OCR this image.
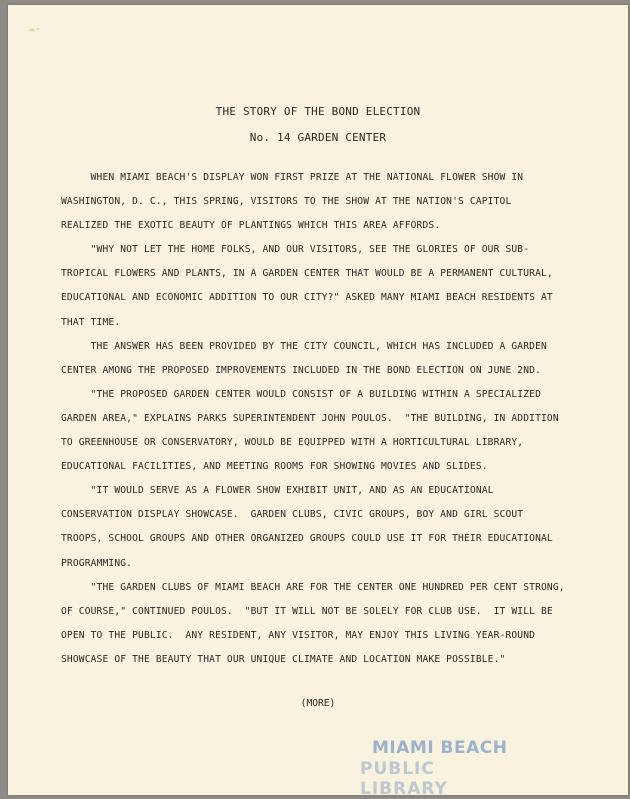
THE STORY OF THE BOND ELECTION
No. 14 GARDEN CENTER
WHEN MIAMI BEACH'S DISPLAY WON FIRST PRIZE AT THE NATIONAL FLOWER SHOW IN
WASHINGTON, D. C., THIS SPRING, VISITORS TO THE SHOW AT THE NATION'S CAPITOL
REALIZED THE EXOTIC BEAUTY OF PLANTINGS WHICH THIS AREA AFFORDS.
"WHY NOT LET THE HOME FOLKS, AND OUR VISITORS, SEE THE GLORIES OF OUR SUB-
TROPICAL FLOWERS AND PLANTS, IN A GARDEN CENTER THAT WOULD BE A PERMANENT CULTURAL,
EDUCATIONAL AND ECONOMIC ADDITION TO OUR CITY?" ASKED MANY MIAMI BEACH RESIDENTS AT
THAT TIME.
THE ANSWER HAS BEEN PROVIDED BY THE CITY COUNCIL, WHICH HAS INCLUDED A GARDEN
CENTER AMONG THE PROPOSED IMPROVEMENTS INCLUDED IN THE BOND ELECTION ON JUNE 2ND.
"THE PROPOSED GARDEN CENTER WOULD CONSIST OF A BUILDING WITHIN A SPECIALIZED
GARDEN AREA," EXPLAINS PARKS SUPERINTENDENT JOHN POULOS.  "THE BUILDING, IN ADDITION
TO GREENHOUSE OR CONSERVATORY, WOULD BE EQUIPPED WITH A HORTICULTURAL LIBRARY,
EDUCATIONAL FACILITIES, AND MEETING ROOMS FOR SHOWING MOVIES AND SLIDES.
"IT WOULD SERVE AS A FLOWER SHOW EXHIBIT UNIT, AND AS AN EDUCATIONAL
CONSERVATION DISPLAY SHOWCASE.  GARDEN CLUBS, CIVIC GROUPS, BOY AND GIRL SCOUT
TROOPS, SCHOOL GROUPS AND OTHER ORGANIZED GROUPS COULD USE IT FOR THEIR EDUCATIONAL
PROGRAMMING.
"THE GARDEN CLUBS OF MIAMI BEACH ARE FOR THE CENTER ONE HUNDRED PER CENT STRONG,
OF COURSE," CONTINUED POULOS.  "BUT IT WILL NOT BE SOLELY FOR CLUB USE.  IT WILL BE
OPEN TO THE PUBLIC.  ANY RESIDENT, ANY VISITOR, MAY ENJOY THIS LIVING YEAR-ROUND
SHOWCASE OF THE BEAUTY THAT OUR UNIQUE CLIMATE AND LOCATION MAKE POSSIBLE."
(MORE)
MIAMI BEACH
PUBLIC LIBRARY
